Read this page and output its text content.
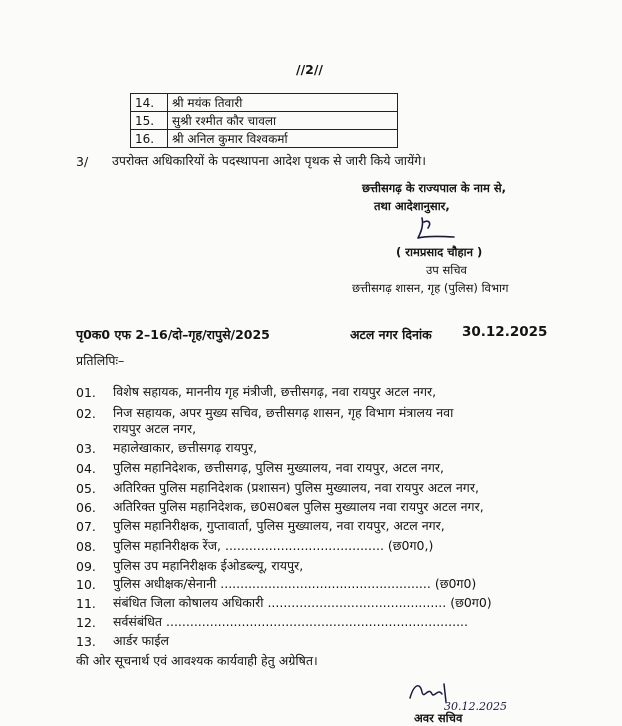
//2//
14.	श्री मयंक तिवारी
15.	सुश्री रश्मीत कौर चावला
16.	श्री अनिल कुमार विश्वकर्मा
3/ उपरोक्त अधिकारियों के पदस्थापना आदेश पृथक से जारी किये जायेंगे।
छत्तीसगढ़ के राज्यपाल के नाम से,
तथा आदेशानुसार,
( रामप्रसाद चौहान )
उप सचिव
छत्तीसगढ़ शासन, गृह (पुलिस) विभाग
पृ0क0 एफ 2–16/दो–गृह/रापुसे/2025	अटल नगर दिनांक 30.12.2025
प्रतिलिपिः–
01. विशेष सहायक, माननीय गृह मंत्रीजी, छत्तीसगढ़, नवा रायपुर अटल नगर,
02. निज सहायक, अपर मुख्य सचिव, छत्तीसगढ़ शासन, गृह विभाग मंत्रालय नवा
रायपुर अटल नगर,
03. महालेखाकार, छत्तीसगढ़ रायपुर,
04. पुलिस महानिदेशक, छत्तीसगढ़, पुलिस मुख्यालय, नवा रायपुर, अटल नगर,
05. अतिरिक्त पुलिस महानिदेशक (प्रशासन) पुलिस मुख्यालय, नवा रायपुर अटल नगर,
06. अतिरिक्त पुलिस महानिदेशक, छ0स0बल पुलिस मुख्यालय नवा रायपुर अटल नगर,
07. पुलिस महानिरीक्षक, गुप्तावार्ता, पुलिस मुख्यालय, नवा रायपुर, अटल नगर,
08. पुलिस महानिरीक्षक रेंज, ........................................ (छ0ग0,)
09. पुलिस उप महानिरीक्षक ईओडब्ल्यू, रायपुर,
10. पुलिस अधीक्षक/सेनानी ..................................................... (छ0ग0)
11. संबंधित जिला कोषालय अधिकारी ............................................. (छ0ग0)
12. सर्वसंबंधित ............................................................................
13. आर्डर फाईल
की ओर सूचनार्थ एवं आवश्यक कार्यवाही हेतु अग्रेषित।
30.12.2025
अवर सचिव
